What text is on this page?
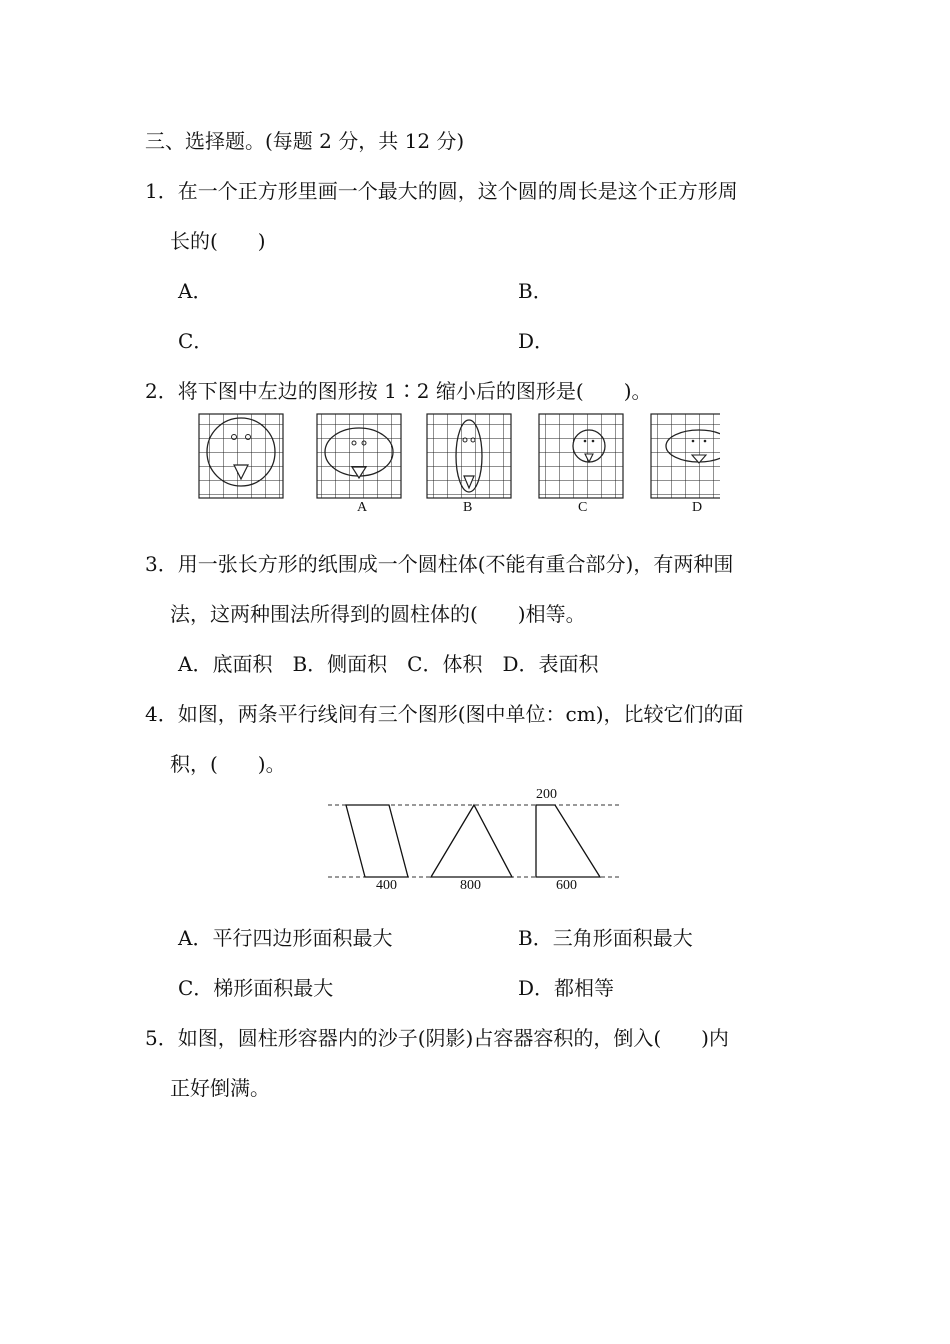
三、选择题。(每题 2 分，共 12 分)
1．在一个正方形里画一个最大的圆，这个圆的周长是这个正方形周
长的(　　)
A．	B．
C．	D．
2．将下图中左边的图形按 1∶2 缩小后的图形是(　　)。
A	B	C	D
3．用一张长方形的纸围成一个圆柱体(不能有重合部分)，有两种围
法，这两种围法所得到的圆柱体的(　　)相等。
A．底面积　B．侧面积　C．体积　D．表面积
4．如图，两条平行线间有三个图形(图中单位：cm)，比较它们的面
积，(　　)。
200
400	800	600
A．平行四边形面积最大	B．三角形面积最大
C．梯形面积最大	D．都相等
5．如图，圆柱形容器内的沙子(阴影)占容器容积的，倒入(　　)内
正好倒满。
